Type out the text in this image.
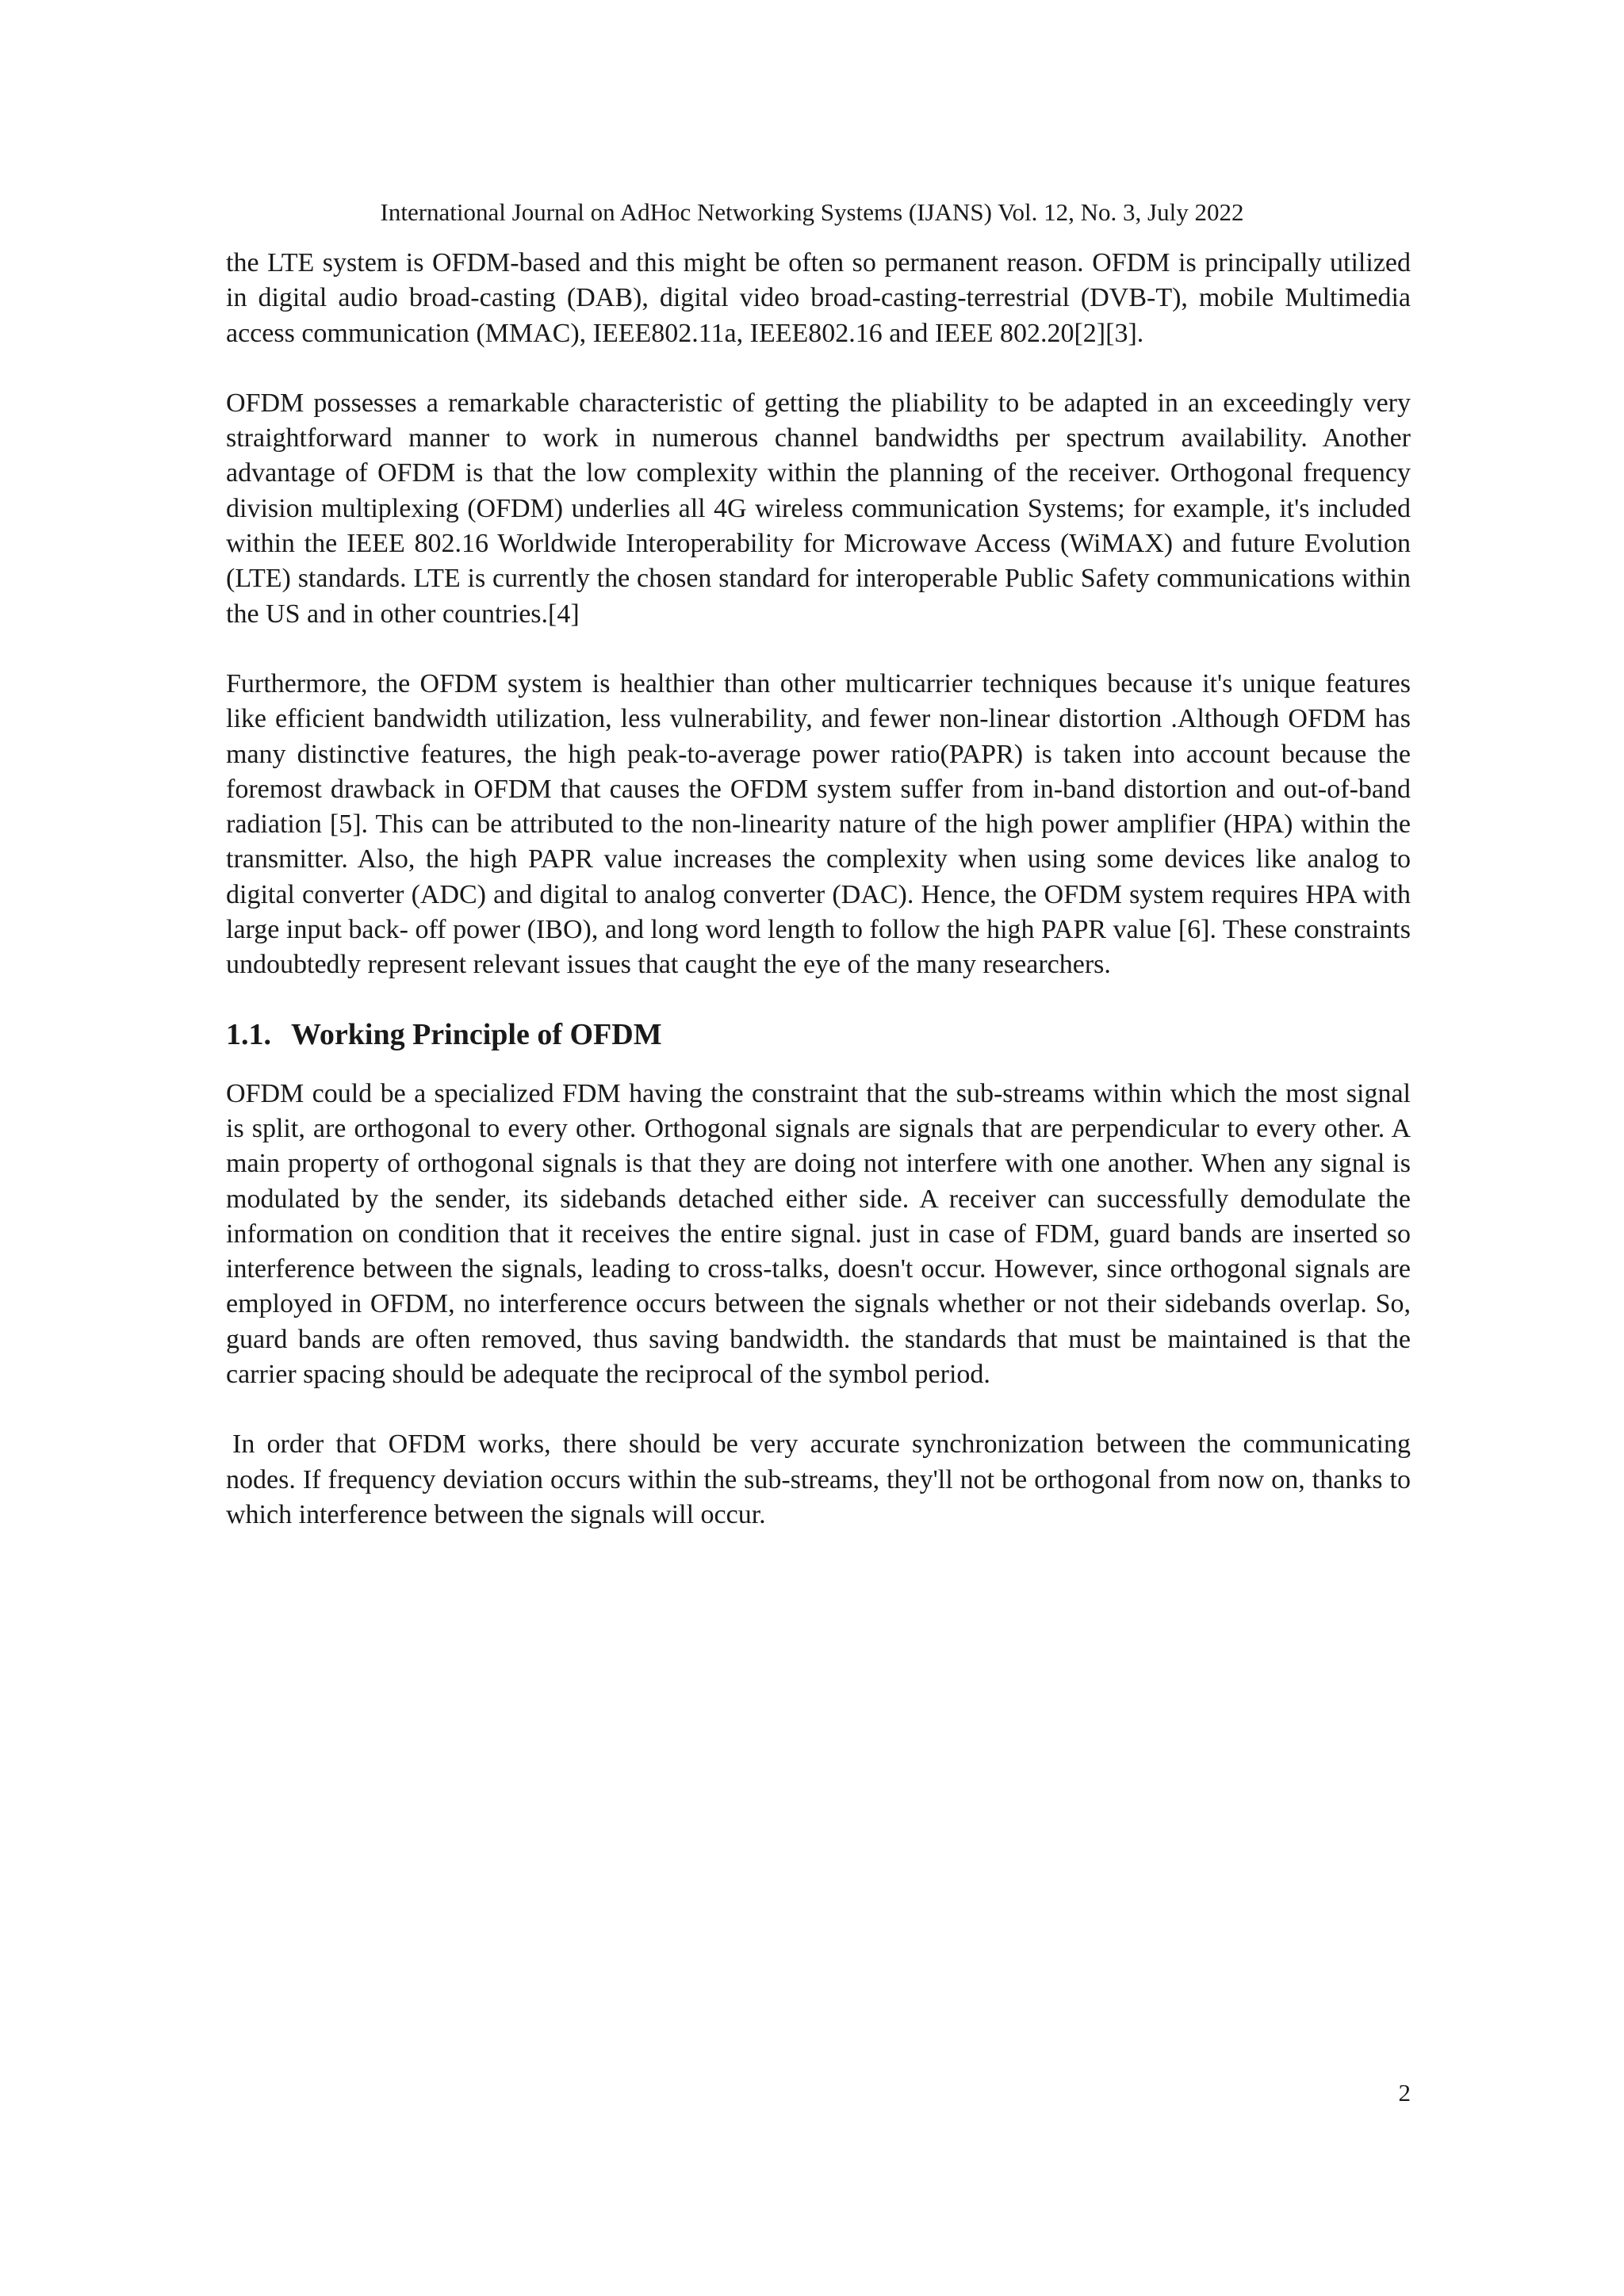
International Journal on AdHoc Networking Systems (IJANS) Vol. 12, No. 3, July 2022

the LTE system is OFDM-based and this might be often so permanent reason. OFDM is principally utilized in digital audio broad-casting (DAB), digital video broad-casting-terrestrial (DVB-T), mobile Multimedia access communication (MMAC), IEEE802.11a, IEEE802.16 and IEEE 802.20[2][3].

OFDM possesses a remarkable characteristic of getting the pliability to be adapted in an exceedingly very straightforward manner to work in numerous channel bandwidths per spectrum availability. Another advantage of OFDM is that the low complexity within the planning of the receiver. Orthogonal frequency division multiplexing (OFDM) underlies all 4G wireless communication Systems; for example, it's included within the IEEE 802.16 Worldwide Interoperability for Microwave Access (WiMAX) and future Evolution (LTE) standards. LTE is currently the chosen standard for interoperable Public Safety communications within the US and in other countries.[4]

Furthermore, the OFDM system is healthier than other multicarrier techniques because it's unique features like efficient bandwidth utilization, less vulnerability, and fewer non-linear distortion .Although OFDM has many distinctive features, the high peak-to-average power ratio(PAPR) is taken into account because the foremost drawback in OFDM that causes the OFDM system suffer from in-band distortion and out-of-band radiation [5]. This can be attributed to the non-linearity nature of the high power amplifier (HPA) within the transmitter. Also, the high PAPR value increases the complexity when using some devices like analog to digital converter (ADC) and digital to analog converter (DAC). Hence, the OFDM system requires HPA with large input back- off power (IBO), and long word length to follow the high PAPR value [6]. These constraints undoubtedly represent relevant issues that caught the eye of the many researchers.

1.1. Working Principle of OFDM

OFDM could be a specialized FDM having the constraint that the sub-streams within which the most signal is split, are orthogonal to every other. Orthogonal signals are signals that are perpendicular to every other. A main property of orthogonal signals is that they are doing not interfere with one another. When any signal is modulated by the sender, its sidebands detached either side. A receiver can successfully demodulate the information on condition that it receives the entire signal. just in case of FDM, guard bands are inserted so interference between the signals, leading to cross-talks, doesn't occur. However, since orthogonal signals are employed in OFDM, no interference occurs between the signals whether or not their sidebands overlap. So, guard bands are often removed, thus saving bandwidth. the standards that must be maintained is that the carrier spacing should be adequate the reciprocal of the symbol period.

In order that OFDM works, there should be very accurate synchronization between the communicating nodes. If frequency deviation occurs within the sub-streams, they'll not be orthogonal from now on, thanks to which interference between the signals will occur.

2
